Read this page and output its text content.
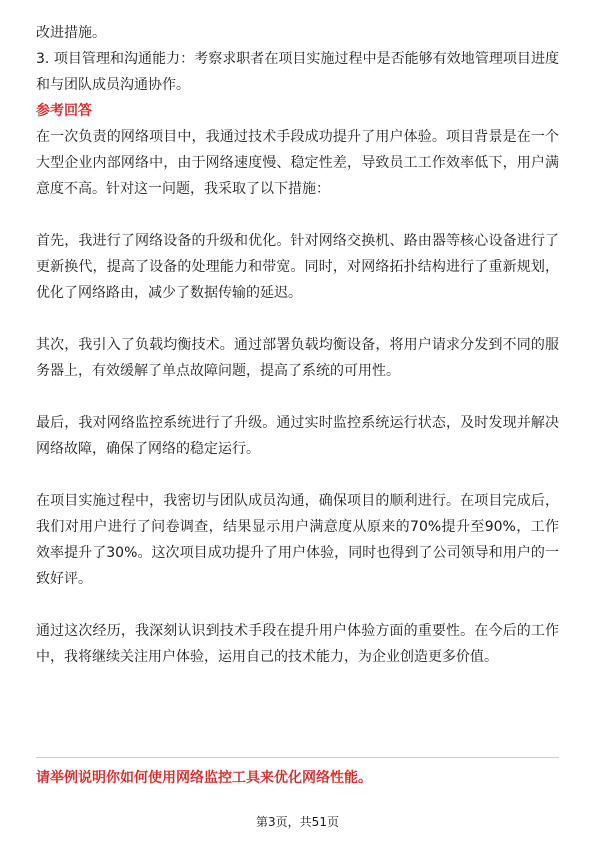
改进措施。

3. 项目管理和沟通能力：考察求职者在项目实施过程中是否能够有效地管理项目进度和与团队成员沟通协作。

参考回答

在一次负责的网络项目中，我通过技术手段成功提升了用户体验。项目背景是在一个大型企业内部网络中，由于网络速度慢、稳定性差，导致员工工作效率低下，用户满意度不高。针对这一问题，我采取了以下措施：

首先，我进行了网络设备的升级和优化。针对网络交换机、路由器等核心设备进行了更新换代，提高了设备的处理能力和带宽。同时，对网络拓扑结构进行了重新规划，优化了网络路由，减少了数据传输的延迟。

其次，我引入了负载均衡技术。通过部署负载均衡设备，将用户请求分发到不同的服务器上，有效缓解了单点故障问题，提高了系统的可用性。

最后，我对网络监控系统进行了升级。通过实时监控系统运行状态，及时发现并解决网络故障，确保了网络的稳定运行。

在项目实施过程中，我密切与团队成员沟通，确保项目的顺利进行。在项目完成后，我们对用户进行了问卷调查，结果显示用户满意度从原来的70%提升至90%，工作效率提升了30%。这次项目成功提升了用户体验，同时也得到了公司领导和用户的一致好评。

通过这次经历，我深刻认识到技术手段在提升用户体验方面的重要性。在今后的工作中，我将继续关注用户体验，运用自己的技术能力，为企业创造更多价值。

请举例说明你如何使用网络监控工具来优化网络性能。

第3页，共51页
